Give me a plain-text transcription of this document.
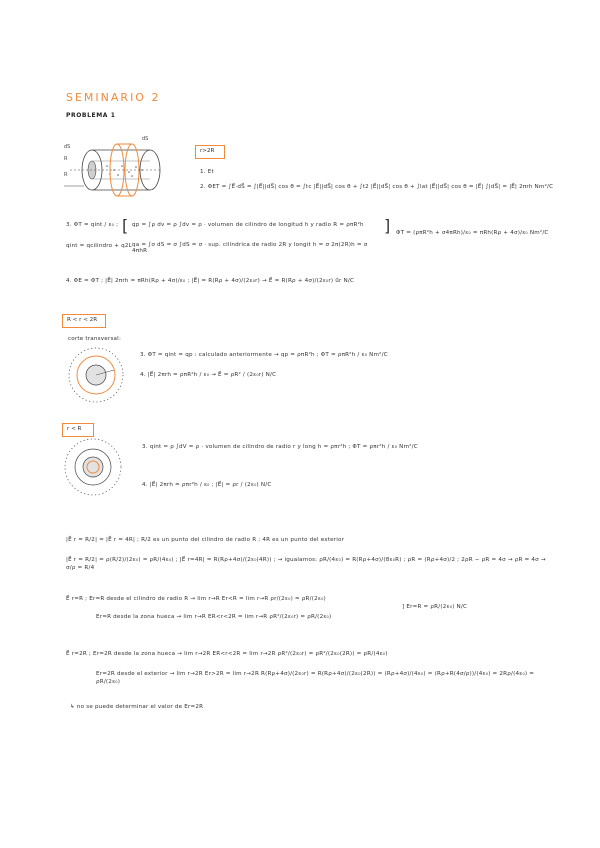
SEMINARIO 2
PROBLEMA 1
dS
R
R
dS
r>2R
1. Et
2. ΦET = ∫E⃗·dS⃗ = ∫|E⃗||dS⃗| cos θ = ∫tc |E⃗||dS⃗| cos θ + ∫t2 |E⃗||dS⃗| cos θ + ∫lat |E⃗||dS⃗| cos θ = |E⃗| ∫|dS⃗| = |E⃗| 2πrh Nm²/C
3. ΦT = qint / ε₀ ;
qint = qcilindro + q2L
[ qp = ∫ρ dv = ρ ∫dv = ρ · volumen de cilindro de longitud h y radio R = ρπR²h
qa = ∫σ dS = σ ∫dS = σ · sup. cilíndrica de radio 2R y longit h = σ 2π(2R)h = σ 4πhR
] ΦT = (ρπR²h + σ4πRh)/ε₀ = πRh(Rρ + 4σ)/ε₀ Nm²/C
4. ΦE = ΦT ; |E⃗| 2πrh = πRh(Rρ + 4σ)/ε₀ ; |E⃗| = R(Rρ + 4σ)/(2ε₀r) → E⃗ = R(Rρ + 4σ)/(2ε₀r) u⃗r N/C
R < r < 2R
corte transversal:
3. ΦT = qint = qp : calculado anteriormente → qp = ρπR²h ; ΦT = ρπR²h / ε₀ Nm²/C
4. |E⃗| 2πrh = ρπR²h / ε₀ → E⃗ = ρR² / (2ε₀r) N/C
r < R
3. qint = ρ ∫dV = ρ · volumen de cilindro de radio r y long h = ρπr²h ; ΦT = ρπr²h / ε₀ Nm²/C
4. |E⃗| 2πrh = ρπr²h / ε₀ ; |E⃗| = ρr / (2ε₀) N/C
|E⃗ r = R/2| = |E⃗ r = 4R| ; R/2 es un punto del cilindro de radio R ; 4R es un punto del exterior
|E⃗ r = R/2| = ρ(R/2)/(2ε₀) = ρR/(4ε₀) ; |E⃗ r=4R| = R(Rρ+4σ)/(2ε₀(4R)) ; → igualamos: ρR/(4ε₀) = R(Rρ+4σ)/(8ε₀R) ; ρR = (Rρ+4σ)/2 ; 2ρR − ρR = 4σ → ρR = 4σ → σ/ρ = R/4
E⃗ r=R ; Er=R desde el cilindro de radio R → lim r→R Er<R = lim r→R ρr/(2ε₀) = ρR/(2ε₀)
Er=R desde la zona hueca → lim r→R ER<r<2R = lim r→R ρR²/(2ε₀r) = ρR/(2ε₀)
] Er=R = ρR/(2ε₀) N/C
E⃗ r=2R ; Er=2R desde la zona hueca → lim r→2R ER<r<2R = lim r→2R ρR²/(2ε₀r) = ρR²/(2ε₀(2R)) = ρR/(4ε₀)
Er=2R desde el exterior → lim r→2R Er>2R = lim r→2R R(Rρ+4σ)/(2ε₀r) = R(Rρ+4σ)/(2ε₀(2R)) = (Rρ+4σ)/(4ε₀) = (Rρ+R(4σ/ρ))/(4ε₀) = 2Rρ/(4ε₀) = ρR/(2ε₀)
↳ no se puede determinar el valor de Er=2R
